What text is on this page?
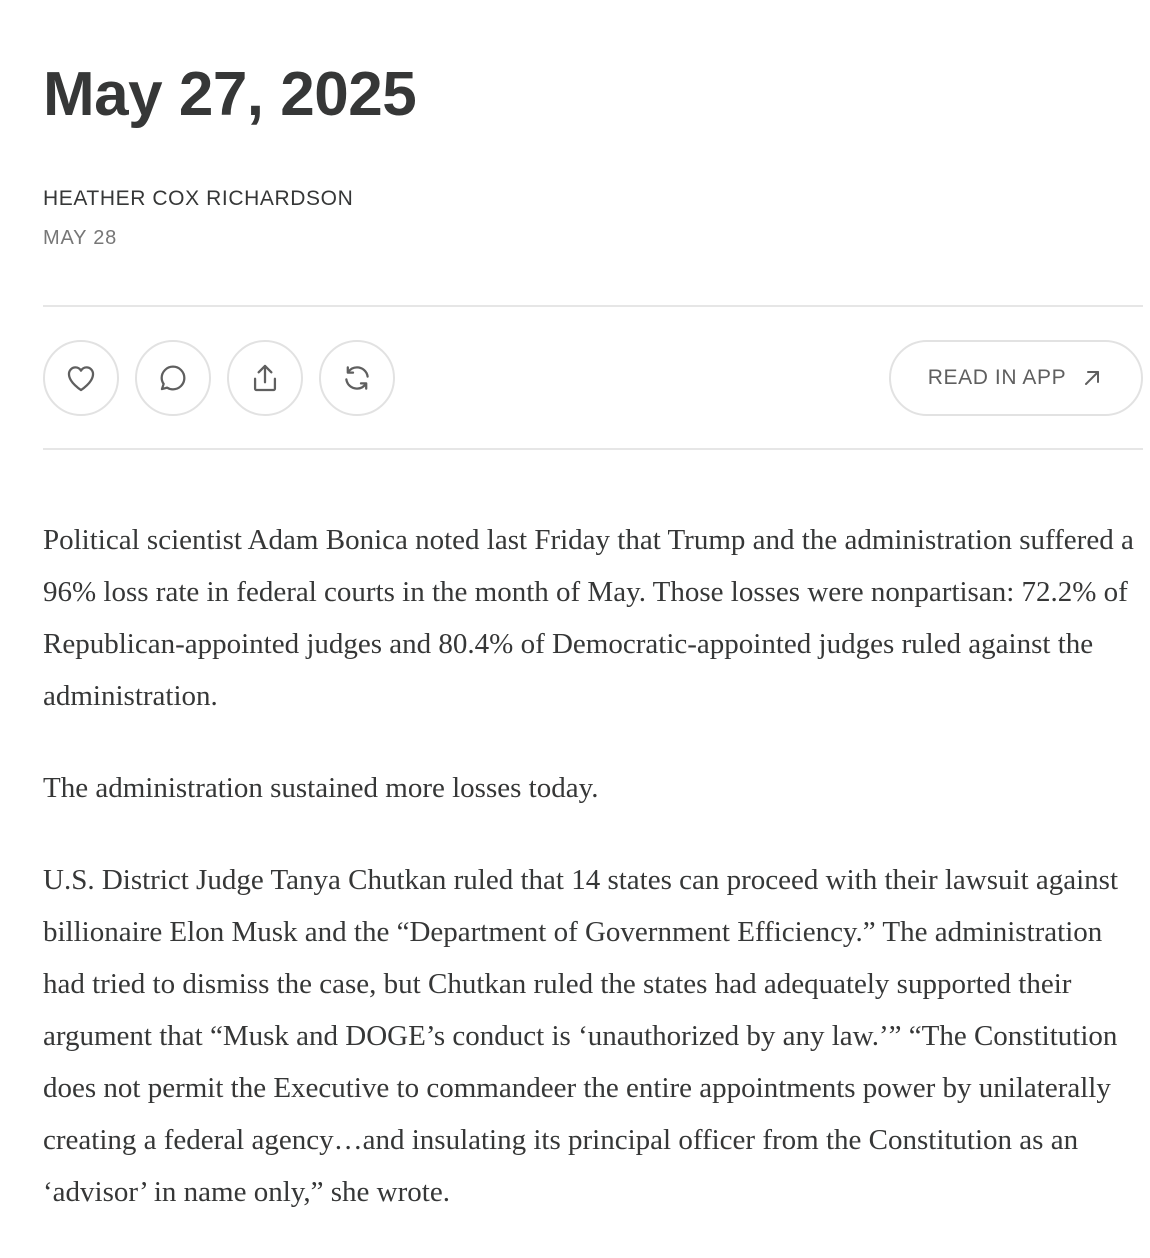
May 27, 2025
HEATHER COX RICHARDSON
MAY 28
READ IN APP

Political scientist Adam Bonica noted last Friday that Trump and the administration suffered a 96% loss rate in federal courts in the month of May. Those losses were nonpartisan: 72.2% of Republican-appointed judges and 80.4% of Democratic-appointed judges ruled against the administration.

The administration sustained more losses today.

U.S. District Judge Tanya Chutkan ruled that 14 states can proceed with their lawsuit against billionaire Elon Musk and the “Department of Government Efficiency.” The administration had tried to dismiss the case, but Chutkan ruled the states had adequately supported their argument that “Musk and DOGE’s conduct is ‘unauthorized by any law.’” “The Constitution does not permit the Executive to commandeer the entire appointments power by unilaterally creating a federal agency…and insulating its principal officer from the Constitution as an ‘advisor’ in name only,” she wrote.
